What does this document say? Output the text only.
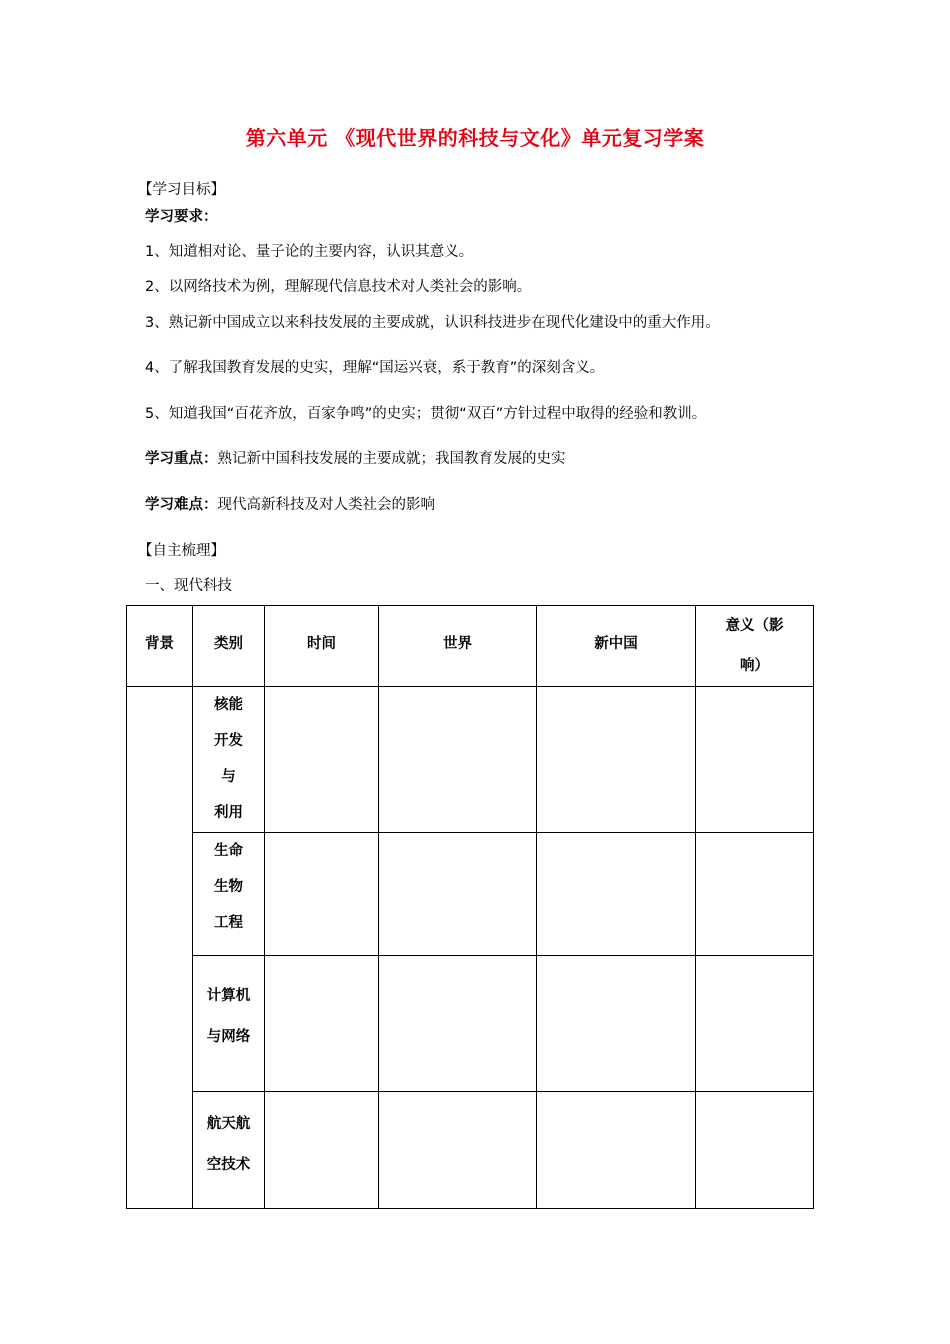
第六单元 《现代世界的科技与文化》单元复习学案
【学习目标】
学习要求：
1、知道相对论、量子论的主要内容，认识其意义。
2、以网络技术为例，理解现代信息技术对人类社会的影响。
3、熟记新中国成立以来科技发展的主要成就，认识科技进步在现代化建设中的重大作用。
4、了解我国教育发展的史实，理解“国运兴衰，系于教育”的深刻含义。
5、知道我国“百花齐放，百家争鸣”的史实；贯彻“双百”方针过程中取得的经验和教训。
学习重点：熟记新中国科技发展的主要成就；我国教育发展的史实
学习难点：现代高新科技及对人类社会的影响
【自主梳理】
一、现代科技
背景	类别	时间	世界	新中国	意义（影
响）

	核能
开发
与
利用				

	生命
生物
工程				

	计算机
与网络				

	航天航
空技术				
